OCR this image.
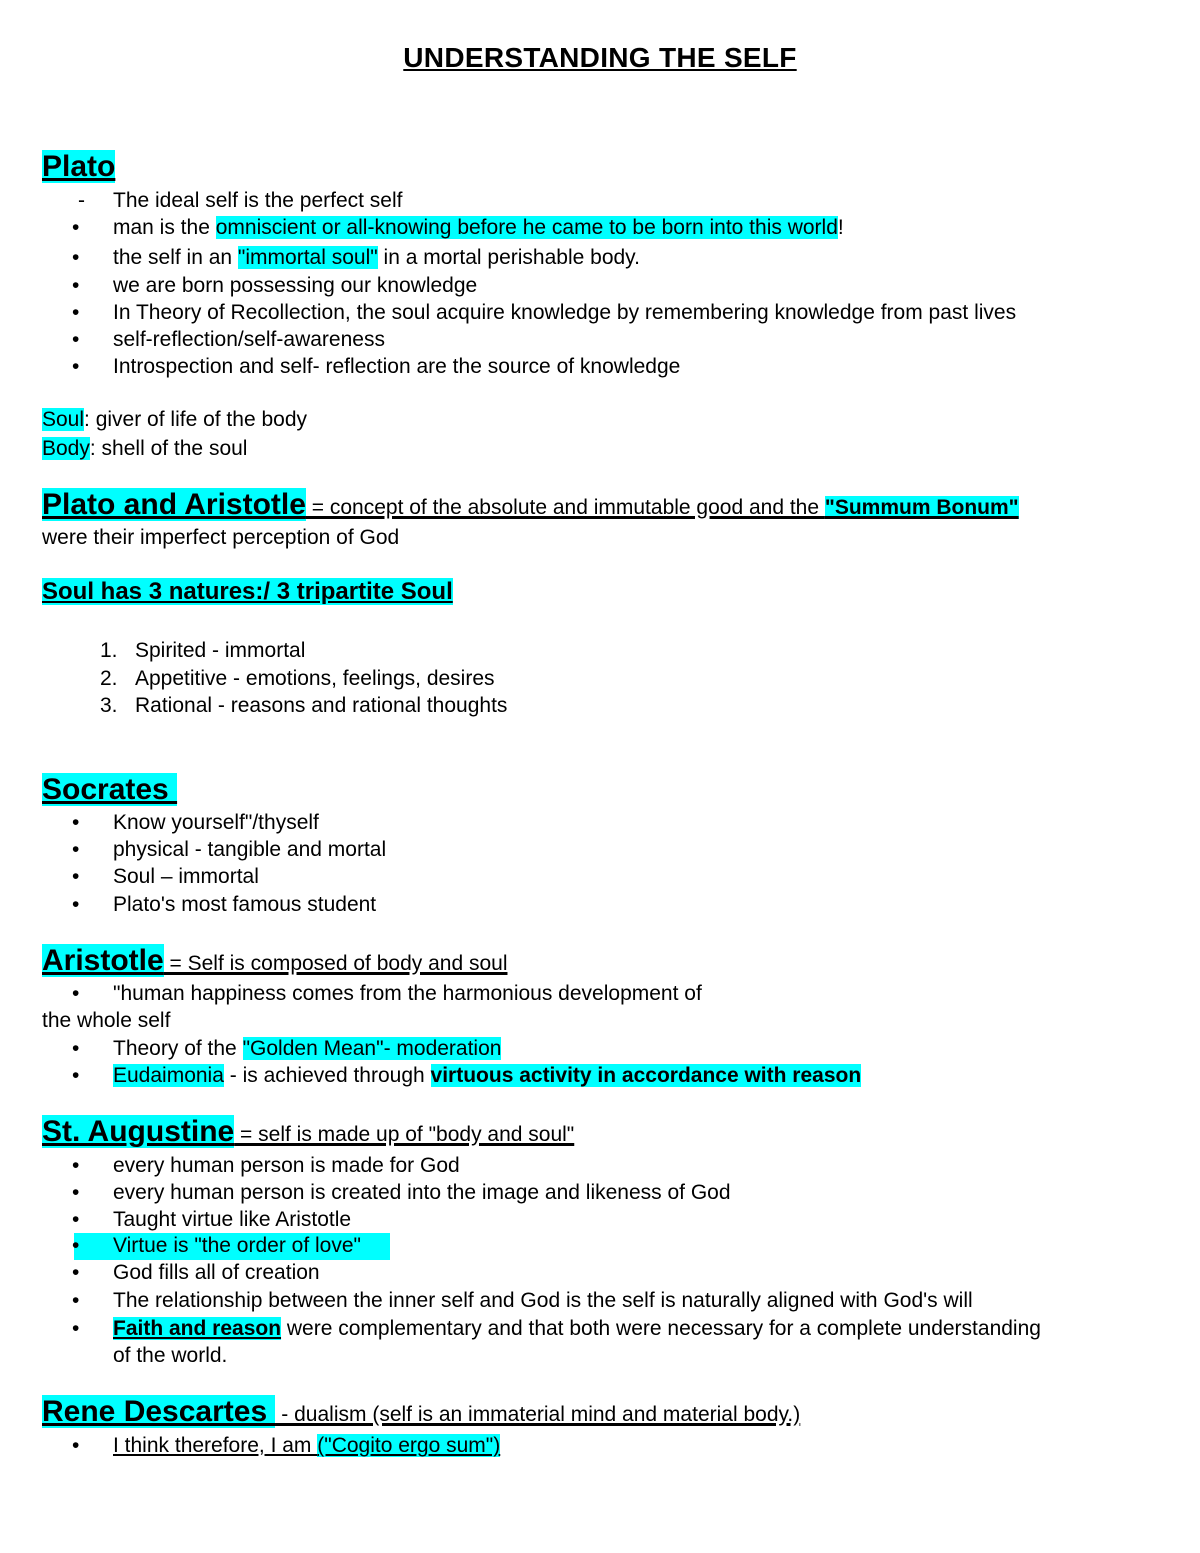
UNDERSTANDING THE SELF
Plato
- The ideal self is the perfect self
• man is the omniscient or all-knowing before he came to be born into this world!
• the self in an "immortal soul" in a mortal perishable body.
• we are born possessing our knowledge
• In Theory of Recollection, the soul acquire knowledge by remembering knowledge from past lives
• self-reflection/self-awareness
• Introspection and self- reflection are the source of knowledge
Soul: giver of life of the body
Body: shell of the soul
Plato and Aristotle = concept of the absolute and immutable good and the "Summum Bonum"
were their imperfect perception of God
Soul has 3 natures:/ 3 tripartite Soul
1. Spirited - immortal
2. Appetitive - emotions, feelings, desires
3. Rational - reasons and rational thoughts
Socrates
• Know yourself"/thyself
• physical - tangible and mortal
• Soul – immortal
• Plato's most famous student
Aristotle = Self is composed of body and soul
• "human happiness comes from the harmonious development of
the whole self
• Theory of the "Golden Mean"- moderation
• Eudaimonia - is achieved through virtuous activity in accordance with reason
St. Augustine = self is made up of "body and soul"
• every human person is made for God
• every human person is created into the image and likeness of God
• Taught virtue like Aristotle
• Virtue is "the order of love"
• God fills all of creation
• The relationship between the inner self and God is the self is naturally aligned with God's will
• Faith and reason were complementary and that both were necessary for a complete understanding
of the world.
Rene Descartes  - dualism (self is an immaterial mind and material body.)
• I think therefore, I am ("Cogito ergo sum")
